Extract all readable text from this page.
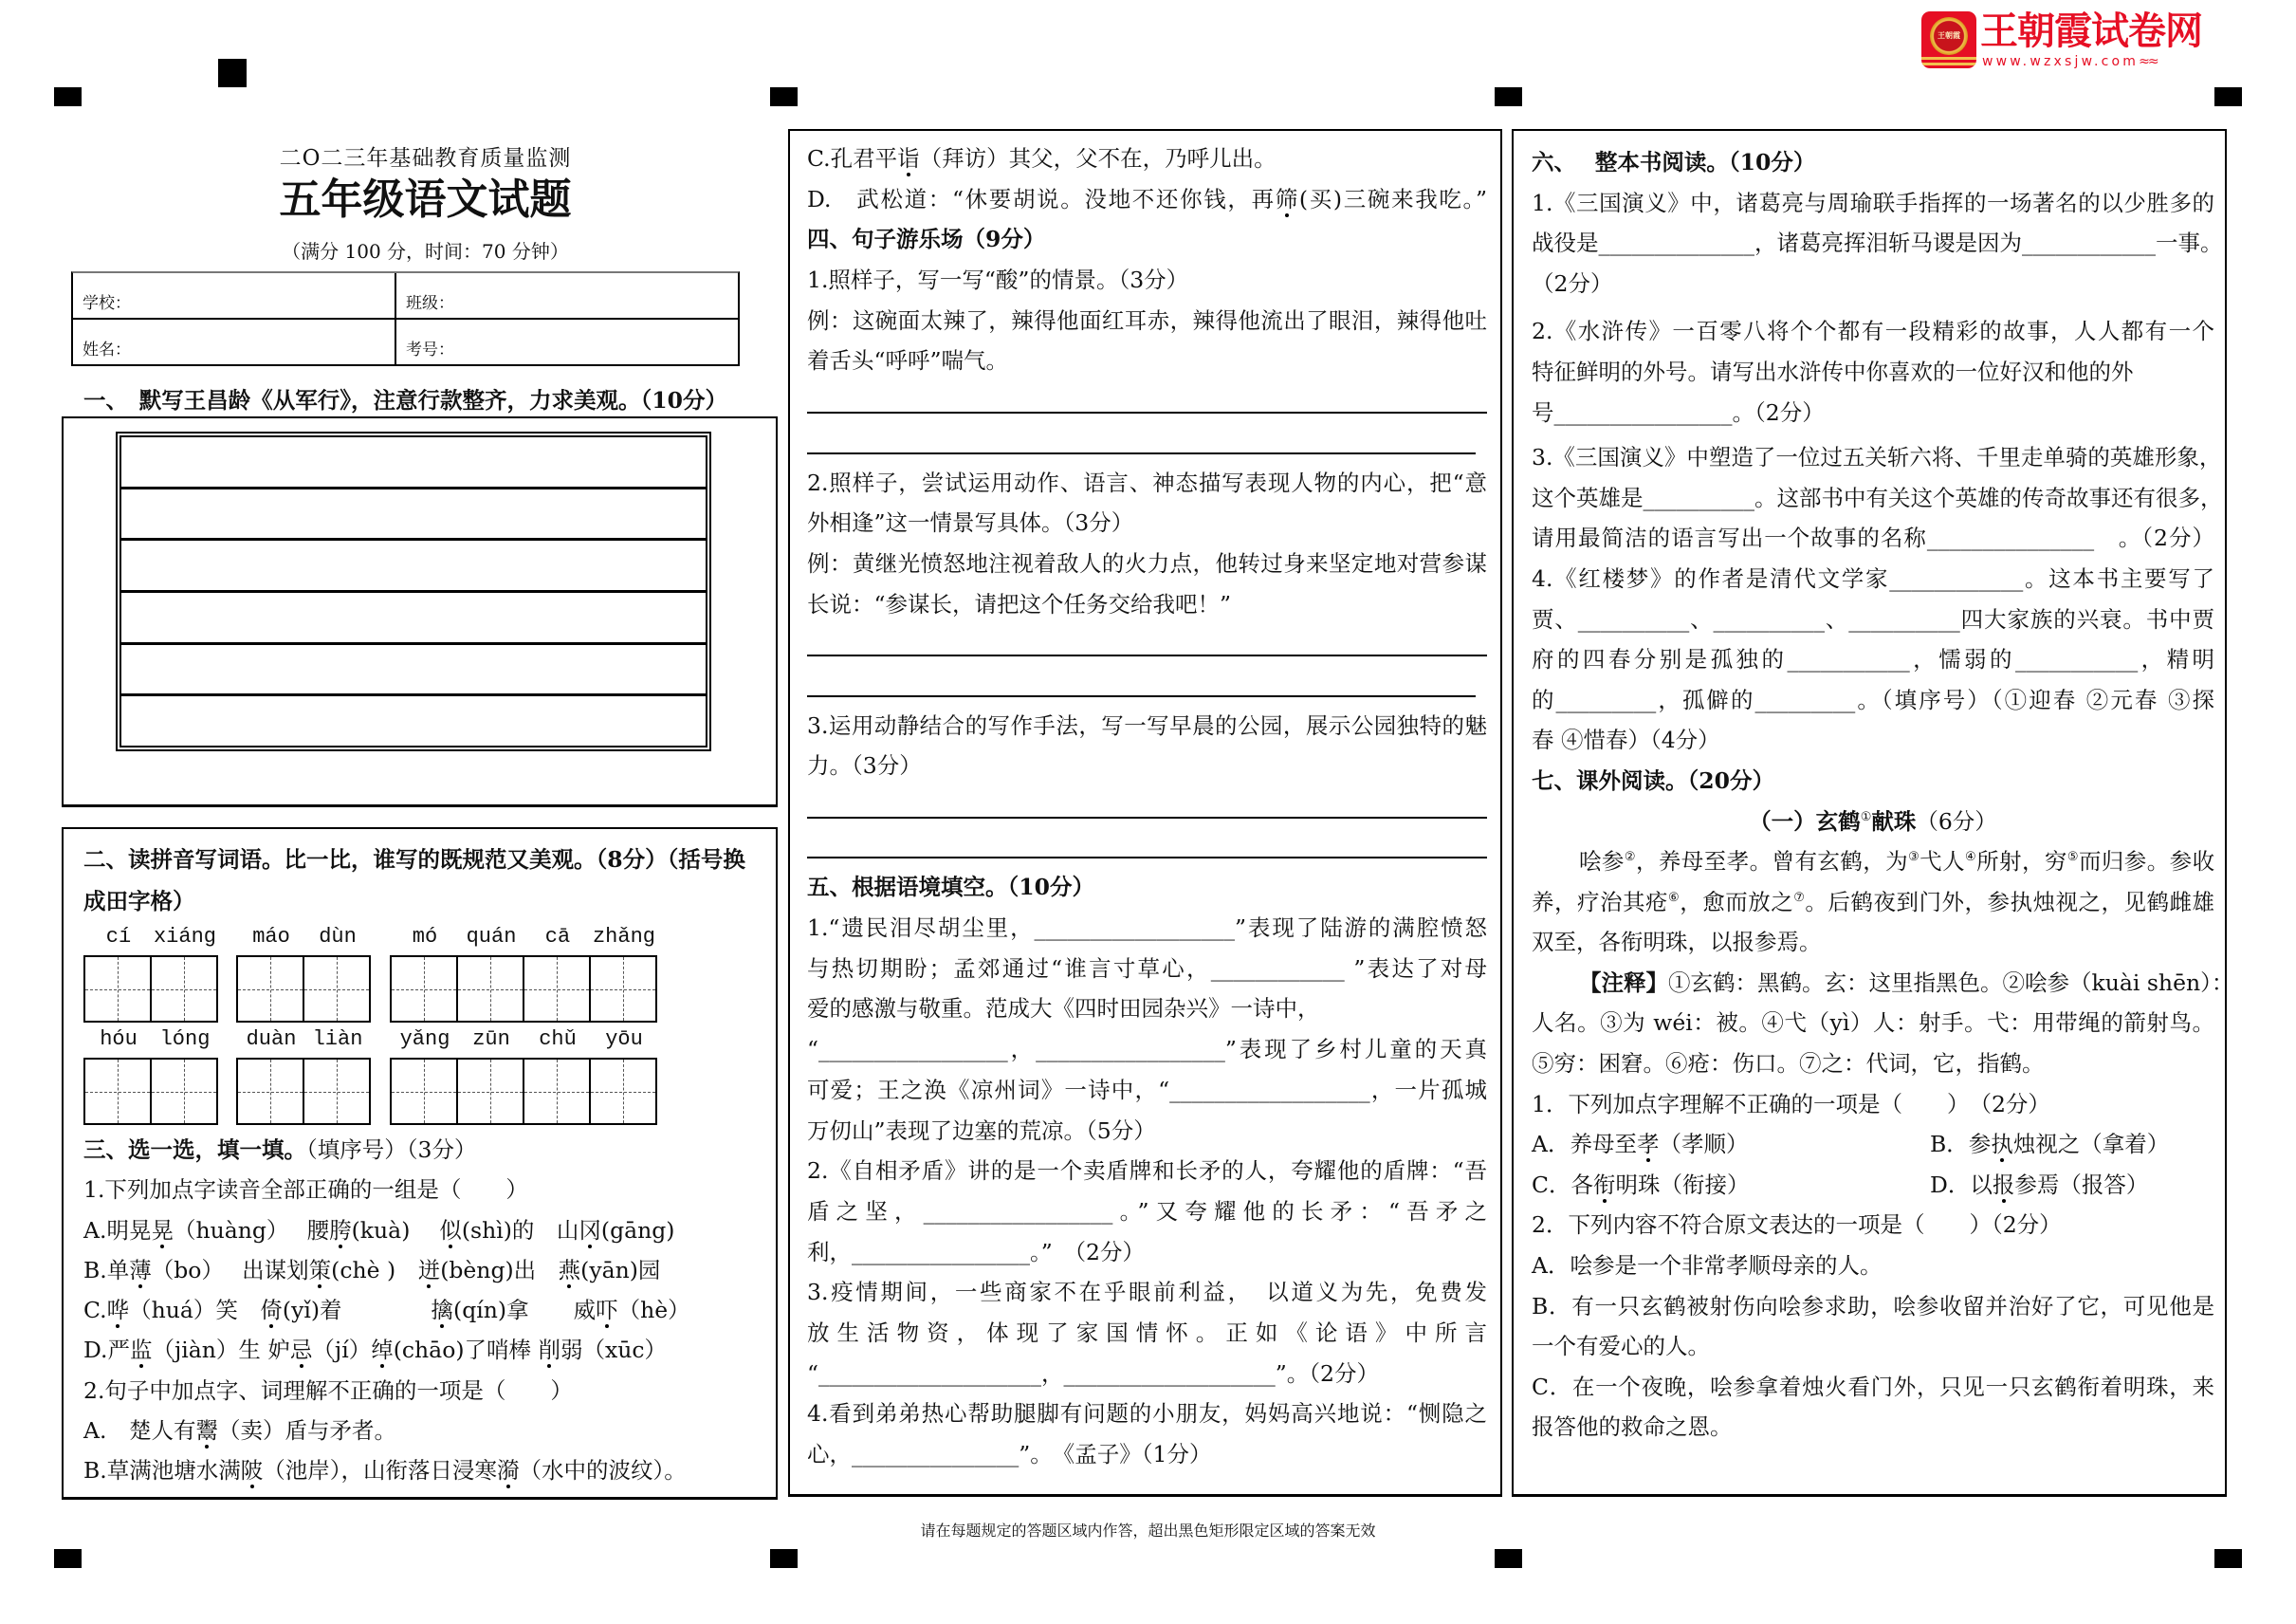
王朝霞 王朝霞试卷网
www.wzxsjw.com≈≈
二O二三年基础教育质量监测
五年级语文试题
（满分 100 分，时间：70 分钟）
学校：	班级：
姓名：	考号：
一、　默写王昌龄《从军行》，注意行款整齐，力求美观。（10分）
二、读拼音写词语。比一比，谁写的既规范又美观。（8分）（括号换
成田字格）
cí	xiáng	máo	dùn	mó	quán	cā	zhǎng
hóu	lóng	duàn liàn	yǎng	zūn	chǔ	yōu
三、选一选，填一填。（填序号）（3分）
1.下列加点字读音全部正确的一组是（　　）
A.明晃晃（huàng）　 腰胯(kuà)　 似(shì)的　山冈(gāng)
B.单薄（bo）　 出谋划策(chè )　迸(bèng)出　燕(yān)园
C.哗（huá）笑　倚(yǐ)着　　　　擒(qín)拿　　威吓（hè）
D.严监（jiàn）生 妒忌（jí）绰(chāo)了哨棒 削弱（xūc）
2.句子中加点字、词理解不正确的一项是（　　）
A.　楚人有鬻（卖）盾与矛者。
B.草满池塘水满陂（池岸），山衔落日浸寒漪（水中的波纹）。
C.孔君平诣（拜访）其父，父不在，乃呼儿出。
D.　武松道：“休要胡说。没地不还你钱，再筛(买)三碗来我吃。”
四、句子游乐场（9分）
1.照样子，写一写“酸”的情景。（3分）
例：这碗面太辣了，辣得他面红耳赤，辣得他流出了眼泪，辣得他吐
着舌头“呼呼”喘气。
2.照样子，尝试运用动作、语言、神态描写表现人物的内心，把“意
外相逢”这一情景写具体。（3分）
例：黄继光愤怒地注视着敌人的火力点，他转过身来坚定地对营参谋
长说：“参谋长，请把这个任务交给我吧！”
3.运用动静结合的写作手法，写一写早晨的公园，展示公园独特的魅
力。（3分）
五、根据语境填空。（10分）
1.“遗民泪尽胡尘里，__________________”表现了陆游的满腔愤怒
与热切期盼；孟郊通过“谁言寸草心，____________ ”表达了对母
爱的感激与敬重。范成大《四时田园杂兴》一诗中，
“_________________，_________________”表现了乡村儿童的天真
可爱；王之涣《凉州词》一诗中，“__________________，一片孤城
万仞山”表现了边塞的荒凉。（5分）
2.《自相矛盾》讲的是一个卖盾牌和长矛的人，夸耀他的盾牌：“吾
盾之坚，_________________。”又夸耀他的长矛：“吾矛之
利，________________。”　（2分）
3.疫情期间，一些商家不在乎眼前利益，　以道义为先，免费发
放生活物资，体现了家国情怀。正如《论语》中所言
“____________________，___________________”。（2分）
4.看到弟弟热心帮助腿脚有问题的小朋友，妈妈高兴地说：“恻隐之
心，_______________”。　《孟子》（1分）
六、　 整本书阅读。（10分）
1.《三国演义》中，诸葛亮与周瑜联手指挥的一场著名的以少胜多的
战役是______________，诸葛亮挥泪斩马谡是因为____________一事。
（2分）
2.《水浒传》一百零八将个个都有一段精彩的故事，人人都有一个
特征鲜明的外号。请写出水浒传中你喜欢的一位好汉和他的外
号________________。（2分）
3.《三国演义》中塑造了一位过五关斩六将、千里走单骑的英雄形象，
这个英雄是__________。这部书中有关这个英雄的传奇故事还有很多，
请用最简洁的语言写出一个故事的名称_______________　。（2分）
4.《红楼梦》的作者是清代文学家____________。这本书主要写了
贾、__________、__________、__________四大家族的兴衰。书中贾
府的四春分别是孤独的___________，懦弱的___________，精明
的_________，孤僻的_________。（填序号）（①迎春 ②元春 ③探
春 ④惜春）（4分）
七、课外阅读。（20分）
（一）玄鹤①献珠（6分）
哙参②，养母至孝。曾有玄鹤，为③弋人④所射，穷⑤而归参。参收
养，疗治其疮⑥，愈而放之⑦。后鹤夜到门外，参执烛视之，见鹤雌雄
双至，各衔明珠，以报参焉。
【注释】①玄鹤：黑鹤。玄：这里指黑色。②哙参（kuài shēn）：
人名。③为 wéi：被。④弋（yì）人：射手。弋：用带绳的箭射鸟。
⑤穷：困窘。⑥疮：伤口。⑦之：代词，它，指鹤。
1．下列加点字理解不正确的一项是（　　）　（2分）
A．养母至孝（孝顺）	B．参执烛视之（拿着）
C．各衔明珠（衔接）	D．以报参焉（报答）
2．下列内容不符合原文表达的一项是（　　）（2分）
A．哙参是一个非常孝顺母亲的人。
B．有一只玄鹤被射伤向哙参求助，哙参收留并治好了它，可见他是
一个有爱心的人。
C．在一个夜晚，哙参拿着烛火看门外，只见一只玄鹤衔着明珠，来
报答他的救命之恩。
请在每题规定的答题区域内作答，超出黑色矩形限定区域的答案无效
